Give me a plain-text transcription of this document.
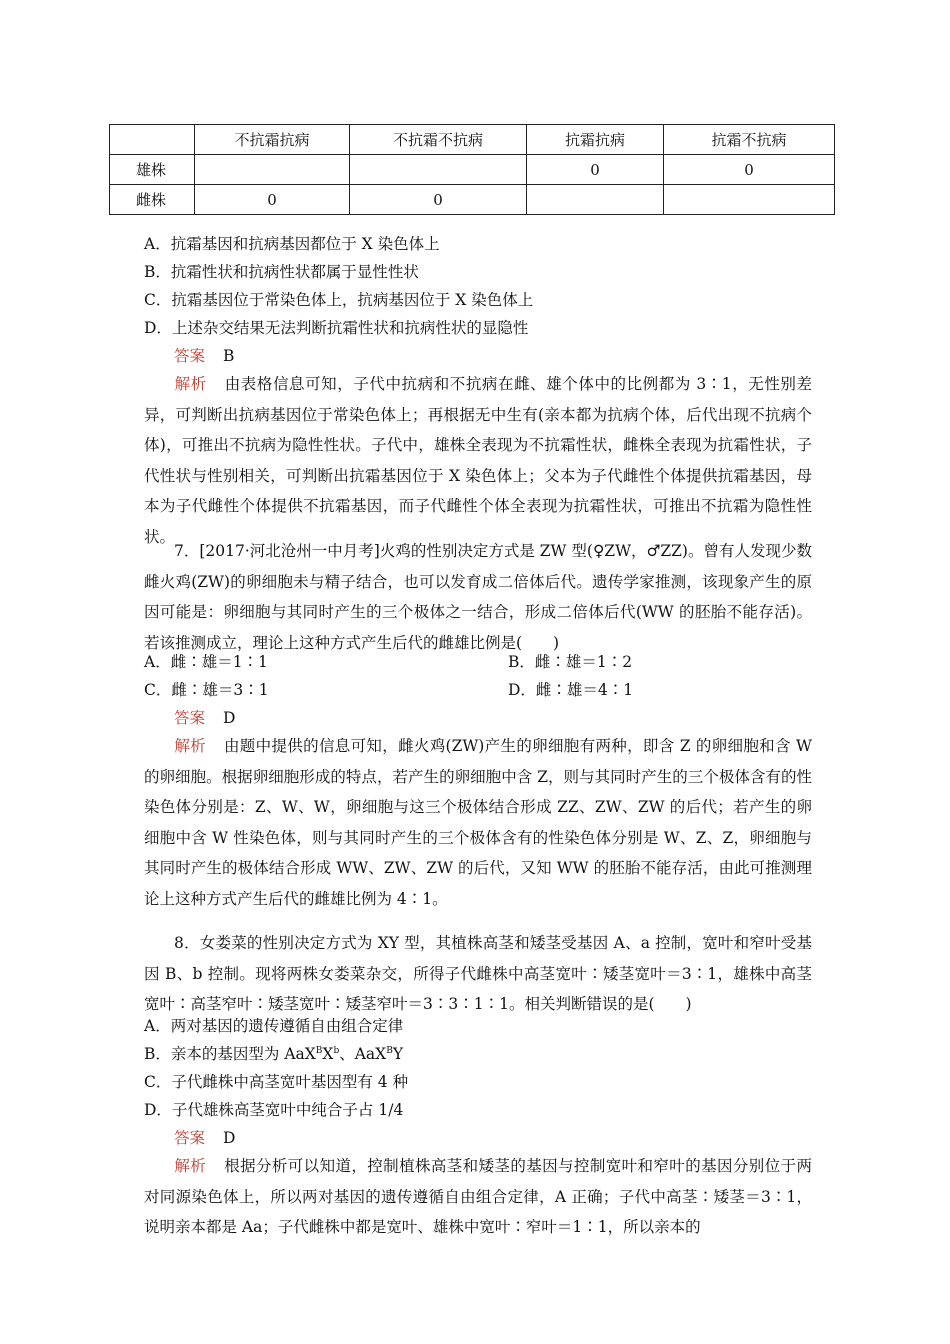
	不抗霜抗病	不抗霜不抗病	抗霜抗病	抗霜不抗病
雄株			0	0
雌株	0	0		
A．抗霜基因和抗病基因都位于 X 染色体上
B．抗霜性状和抗病性状都属于显性性状
C．抗霜基因位于常染色体上，抗病基因位于 X 染色体上
D．上述杂交结果无法判断抗霜性状和抗病性状的显隐性
答案 B
解析 由表格信息可知，子代中抗病和不抗病在雌、雄个体中的比例都为 3∶1，无性别差异，可判断出抗病基因位于常染色体上；再根据无中生有(亲本都为抗病个体，后代出现不抗病个体)，可推出不抗病为隐性性状。子代中，雄株全表现为不抗霜性状，雌株全表现为抗霜性状，子代性状与性别相关，可判断出抗霜基因位于 X 染色体上；父本为子代雌性个体提供抗霜基因，母本为子代雌性个体提供不抗霜基因，而子代雌性个体全表现为抗霜性状，可推出不抗霜为隐性性状。
7．[2017·河北沧州一中月考]火鸡的性别决定方式是 ZW 型(♀ZW，♂ZZ)。曾有人发现少数雌火鸡(ZW)的卵细胞未与精子结合，也可以发育成二倍体后代。遗传学家推测，该现象产生的原因可能是：卵细胞与其同时产生的三个极体之一结合，形成二倍体后代(WW 的胚胎不能存活)。若该推测成立，理论上这种方式产生后代的雌雄比例是(　　)
A．雌∶雄＝1∶1	B．雌∶雄＝1∶2
C．雌∶雄＝3∶1	D．雌∶雄＝4∶1
答案 D
解析 由题中提供的信息可知，雌火鸡(ZW)产生的卵细胞有两种，即含 Z 的卵细胞和含 W 的卵细胞。根据卵细胞形成的特点，若产生的卵细胞中含 Z，则与其同时产生的三个极体含有的性染色体分别是：Z、W、W，卵细胞与这三个极体结合形成 ZZ、ZW、ZW 的后代；若产生的卵细胞中含 W 性染色体，则与其同时产生的三个极体含有的性染色体分别是 W、Z、Z，卵细胞与其同时产生的极体结合形成 WW、ZW、ZW 的后代，又知 WW 的胚胎不能存活，由此可推测理论上这种方式产生后代的雌雄比例为 4∶1。
8．女娄菜的性别决定方式为 XY 型，其植株高茎和矮茎受基因 A、a 控制，宽叶和窄叶受基因 B、b 控制。现将两株女娄菜杂交，所得子代雌株中高茎宽叶∶矮茎宽叶＝3∶1，雄株中高茎宽叶∶高茎窄叶∶矮茎宽叶∶矮茎窄叶＝3∶3∶1∶1。相关判断错误的是(　　)
A．两对基因的遗传遵循自由组合定律
B．亲本的基因型为 $AaX^BX^b$、AaX$^B$Y
C．子代雌株中高茎宽叶基因型有 4 种
D．子代雄株高茎宽叶中纯合子占 1/4
答案 D
解析 根据分析可以知道，控制植株高茎和矮茎的基因与控制宽叶和窄叶的基因分别位于两对同源染色体上，所以两对基因的遗传遵循自由组合定律，A 正确；子代中高茎∶矮茎＝3∶1，说明亲本都是 Aa；子代雌株中都是宽叶、雄株中宽叶∶窄叶＝1∶1，所以亲本的
